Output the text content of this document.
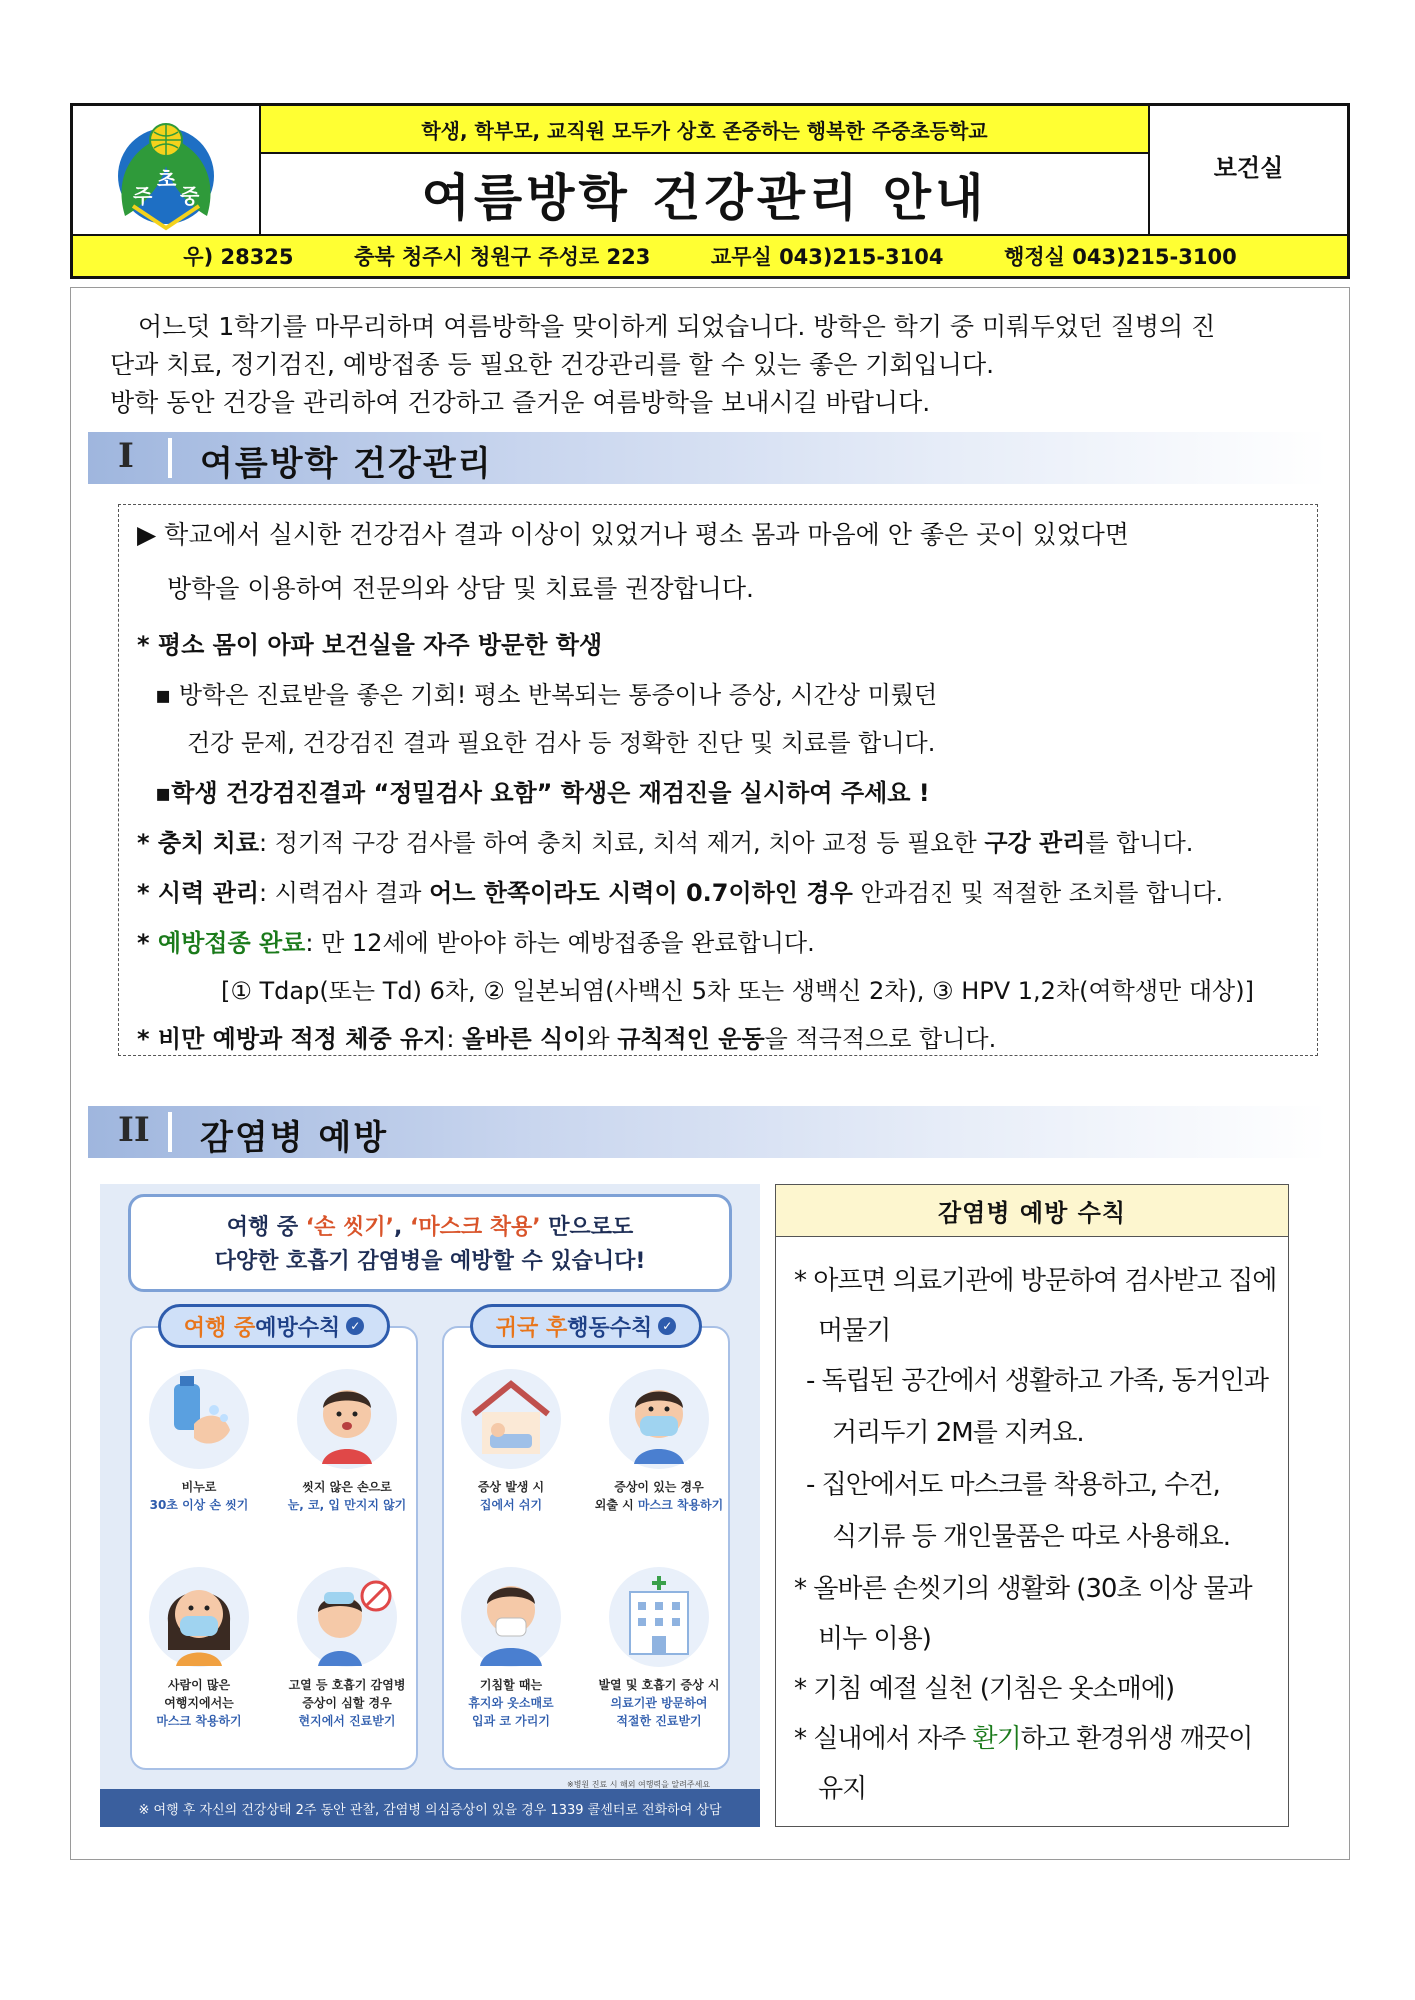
주
초
중
학생, 학부모, 교직원 모두가 상호 존중하는 행복한 주중초등학교
여름방학 건강관리 안내
보건실
우) 28325	충북 청주시 청원구 주성로 223	교무실 043)215-3104	행정실 043)215-3100
어느덧 1학기를 마무리하며 여름방학을 맞이하게 되었습니다. 방학은 학기 중 미뤄두었던 질병의 진
단과 치료, 정기검진, 예방접종 등 필요한 건강관리를 할 수 있는 좋은 기회입니다.
방학 동안 건강을 관리하여 건강하고 즐거운 여름방학을 보내시길 바랍니다.
I 여름방학 건강관리
▶ 학교에서 실시한 건강검사 결과 이상이 있었거나 평소 몸과 마음에 안 좋은 곳이 있었다면
방학을 이용하여 전문의와 상담 및 치료를 권장합니다.
* 평소 몸이 아파 보건실을 자주 방문한 학생
▪ 방학은 진료받을 좋은 기회! 평소 반복되는 통증이나 증상, 시간상 미뤘던
건강 문제, 건강검진 결과 필요한 검사 등 정확한 진단 및 치료를 합니다.
▪학생 건강검진결과 “정밀검사 요함” 학생은 재검진을 실시하여 주세요 !
* 충치 치료: 정기적 구강 검사를 하여 충치 치료, 치석 제거, 치아 교정 등 필요한 구강 관리를 합니다.
* 시력 관리: 시력검사 결과 어느 한쪽이라도 시력이 0.7이하인 경우 안과검진 및 적절한 조치를 합니다.
* 예방접종 완료: 만 12세에 받아야 하는 예방접종을 완료합니다.
[① Tdap(또는 Td) 6차, ② 일본뇌염(사백신 5차 또는 생백신 2차), ③ HPV 1,2차(여학생만 대상)]
* 비만 예방과 적정 체중 유지: 올바른 식이와 규칙적인 운동을 적극적으로 합니다.
II 감염병 예방
여행 중 ‘손 씻기’, ‘마스크 착용’ 만으로도
다양한 호흡기 감염병을 예방할 수 있습니다!
여행 중 예방수칙 ✓
비누로
30초 이상 손 씻기
씻지 않은 손으로
눈, 코, 입 만지지 않기
사람이 많은
여행지에서는
마스크 착용하기
고열 등 호흡기 감염병
증상이 심할 경우
현지에서 진료받기
귀국 후 행동수칙 ✓
증상 발생 시
집에서 쉬기
증상이 있는 경우
외출 시 마스크 착용하기
기침할 때는
휴지와 옷소매로
입과 코 가리기
발열 및 호흡기 증상 시
의료기관 방문하여
적절한 진료받기
※병원 진료 시 해외 여행력을 알려주세요
※ 여행 후 자신의 건강상태 2주 동안 관찰, 감염병 의심증상이 있을 경우 1339 콜센터로 전화하여 상담
감염병 예방 수칙
* 아프면 의료기관에 방문하여 검사받고 집에
머물기
- 독립된 공간에서 생활하고 가족, 동거인과
거리두기 2M를 지켜요.
- 집안에서도 마스크를 착용하고, 수건,
식기류 등 개인물품은 따로 사용해요.
* 올바른 손씻기의 생활화 (30초 이상 물과
비누 이용)
* 기침 예절 실천 (기침은 옷소매에)
* 실내에서 자주 환기하고 환경위생 깨끗이
유지
